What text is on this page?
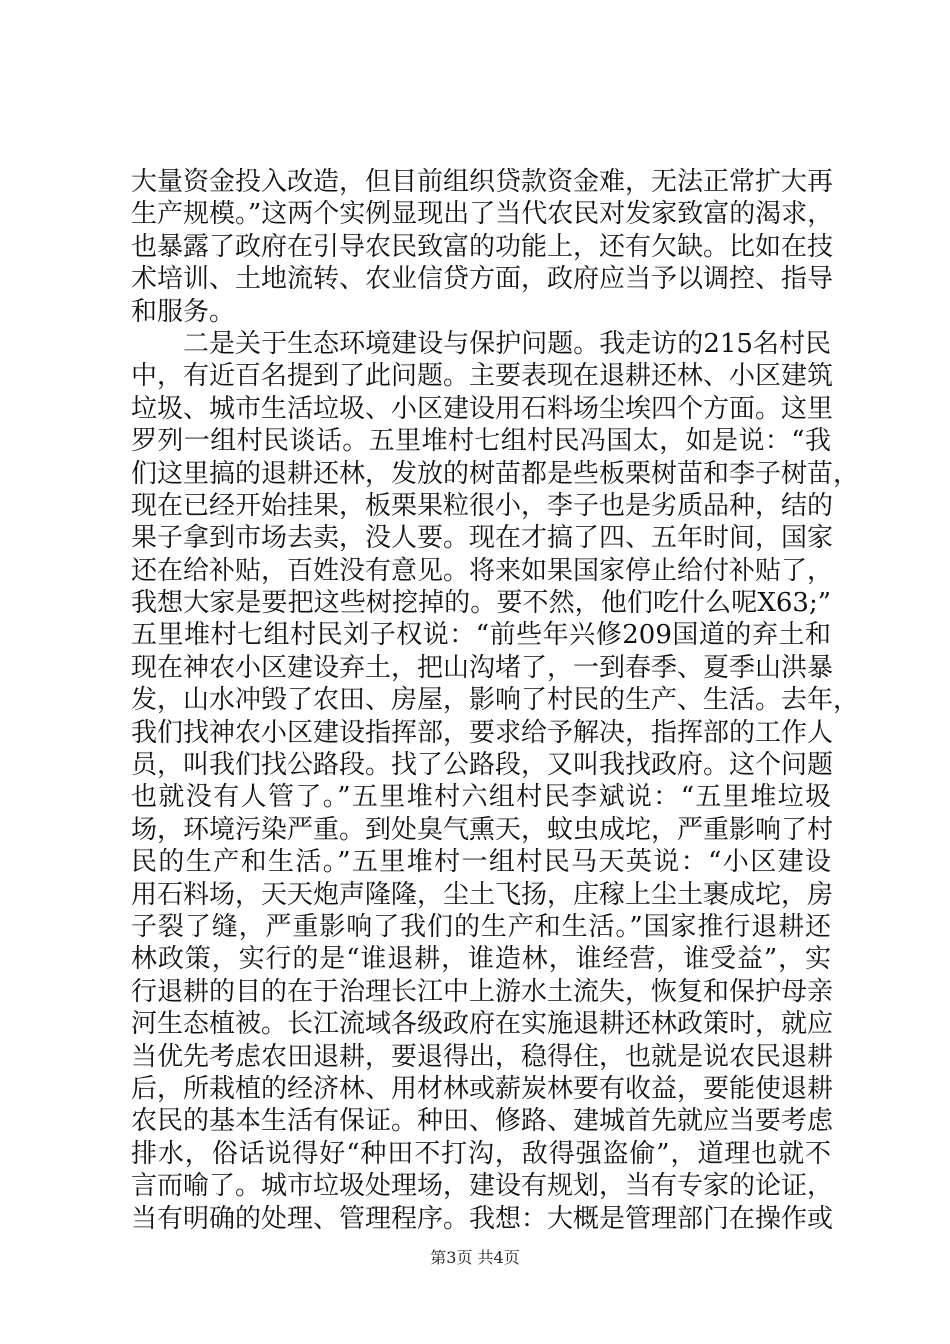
大量资金投入改造，但目前组织贷款资金难，无法正常扩大再
生产规模。”这两个实例显现出了当代农民对发家致富的渴求，
也暴露了政府在引导农民致富的功能上，还有欠缺。比如在技
术培训、土地流转、农业信贷方面，政府应当予以调控、指导
和服务。
　　二是关于生态环境建设与保护问题。我走访的215名村民
中，有近百名提到了此问题。主要表现在退耕还林、小区建筑
垃圾、城市生活垃圾、小区建设用石料场尘埃四个方面。这里
罗列一组村民谈话。五里堆村七组村民冯国太，如是说：“我
们这里搞的退耕还林，发放的树苗都是些板栗树苗和李子树苗，
现在已经开始挂果，板栗果粒很小，李子也是劣质品种，结的
果子拿到市场去卖，没人要。现在才搞了四、五年时间，国家
还在给补贴，百姓没有意见。将来如果国家停止给付补贴了，
我想大家是要把这些树挖掉的。要不然，他们吃什么呢X63;”
五里堆村七组村民刘子权说：“前些年兴修209国道的弃土和
现在神农小区建设弃土，把山沟堵了，一到春季、夏季山洪暴
发，山水冲毁了农田、房屋，影响了村民的生产、生活。去年，
我们找神农小区建设指挥部，要求给予解决，指挥部的工作人
员，叫我们找公路段。找了公路段，又叫我找政府。这个问题
也就没有人管了。”五里堆村六组村民李斌说：“五里堆垃圾
场，环境污染严重。到处臭气熏天，蚊虫成坨，严重影响了村
民的生产和生活。”五里堆村一组村民马天英说：“小区建设
用石料场，天天炮声隆隆，尘土飞扬，庄稼上尘土裹成坨，房
子裂了缝，严重影响了我们的生产和生活。”国家推行退耕还
林政策，实行的是“谁退耕，谁造林，谁经营，谁受益”，实
行退耕的目的在于治理长江中上游水土流失，恢复和保护母亲
河生态植被。长江流域各级政府在实施退耕还林政策时，就应
当优先考虑农田退耕，要退得出，稳得住，也就是说农民退耕
后，所栽植的经济林、用材林或薪炭林要有收益，要能使退耕
农民的基本生活有保证。种田、修路、建城首先就应当要考虑
排水，俗话说得好“种田不打沟，敌得强盗偷”，道理也就不
言而喻了。城市垃圾处理场，建设有规划，当有专家的论证，
当有明确的处理、管理程序。我想：大概是管理部门在操作或
第3页 共4页
